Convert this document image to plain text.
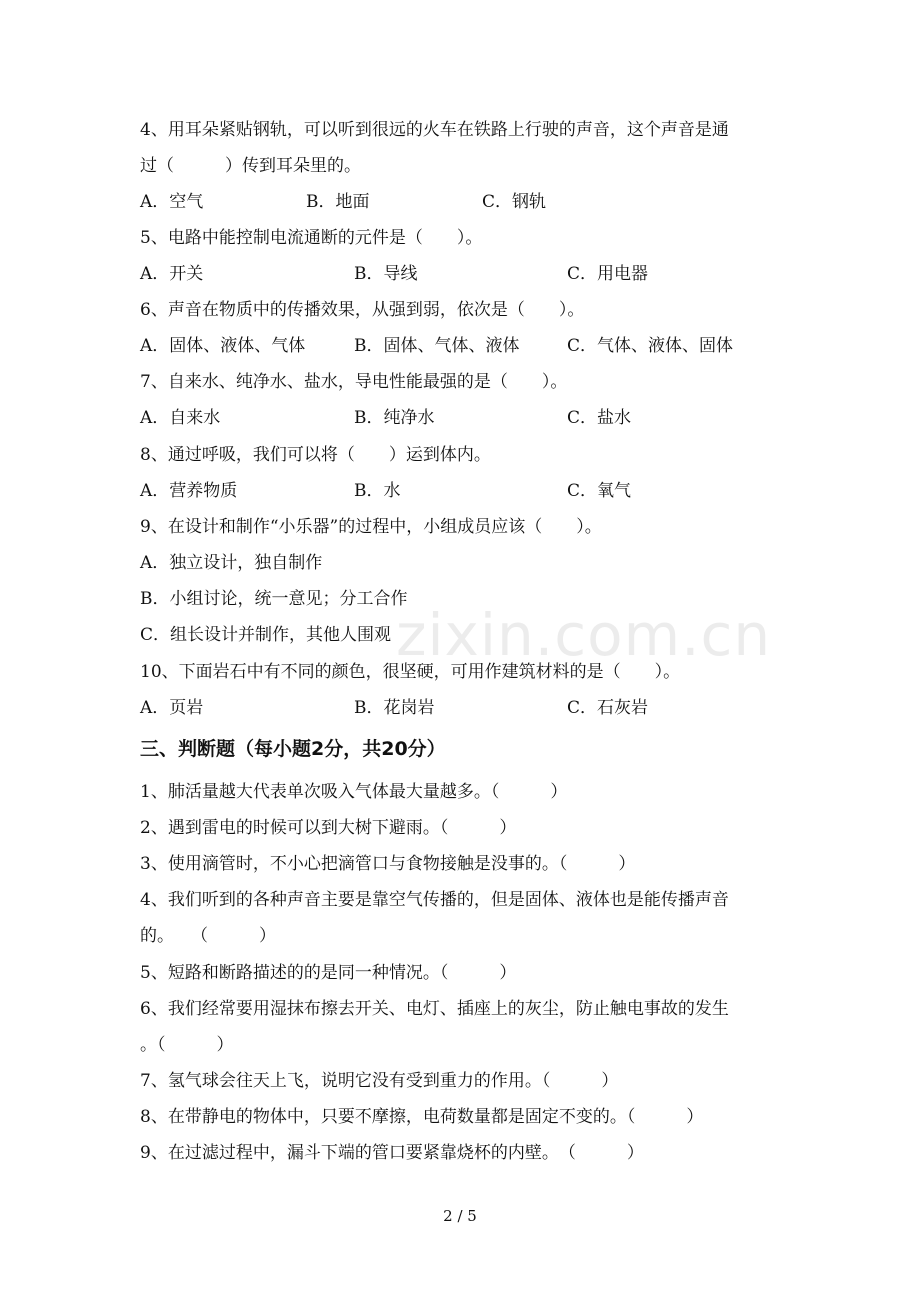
4、用耳朵紧贴钢轨，可以听到很远的火车在铁路上行驶的声音，这个声音是通
过（　　　）传到耳朵里的。
A．空气	B．地面	C．钢轨
5、电路中能控制电流通断的元件是（　　）。
A．开关	B．导线	C．用电器
6、声音在物质中的传播效果，从强到弱，依次是（　　）。
A．固体、液体、气体	B．固体、气体、液体	C．气体、液体、固体
7、自来水、纯净水、盐水，导电性能最强的是（　　）。
A．自来水	B．纯净水	C．盐水
8、通过呼吸，我们可以将（　　）运到体内。
A．营养物质	B．水	C．氧气
9、在设计和制作“小乐器”的过程中，小组成员应该（　　）。
A．独立设计，独自制作
B．小组讨论，统一意见；分工合作
C．组长设计并制作，其他人围观
10、下面岩石中有不同的颜色，很坚硬，可用作建筑材料的是（　　）。
A．页岩	B．花岗岩	C．石灰岩
三、判断题（每小题2分，共20分）
1、肺活量越大代表单次吸入气体最大量越多。（　　　）
2、遇到雷电的时候可以到大树下避雨。（　　　）
3、使用滴管时，不小心把滴管口与食物接触是没事的。（　　　）
4、我们听到的各种声音主要是靠空气传播的，但是固体、液体也是能传播声音
的。　　（　　　）
5、短路和断路描述的的是同一种情况。（　　　）
6、我们经常要用湿抹布擦去开关、电灯、插座上的灰尘，防止触电事故的发生
。（　　　）
7、氢气球会往天上飞，说明它没有受到重力的作用。（　　　）
8、在带静电的物体中，只要不摩擦，电荷数量都是固定不变的。（　　　）
9、在过滤过程中，漏斗下端的管口要紧靠烧杯的内壁。　（　　　）
zixin.com.cn
2 / 5
